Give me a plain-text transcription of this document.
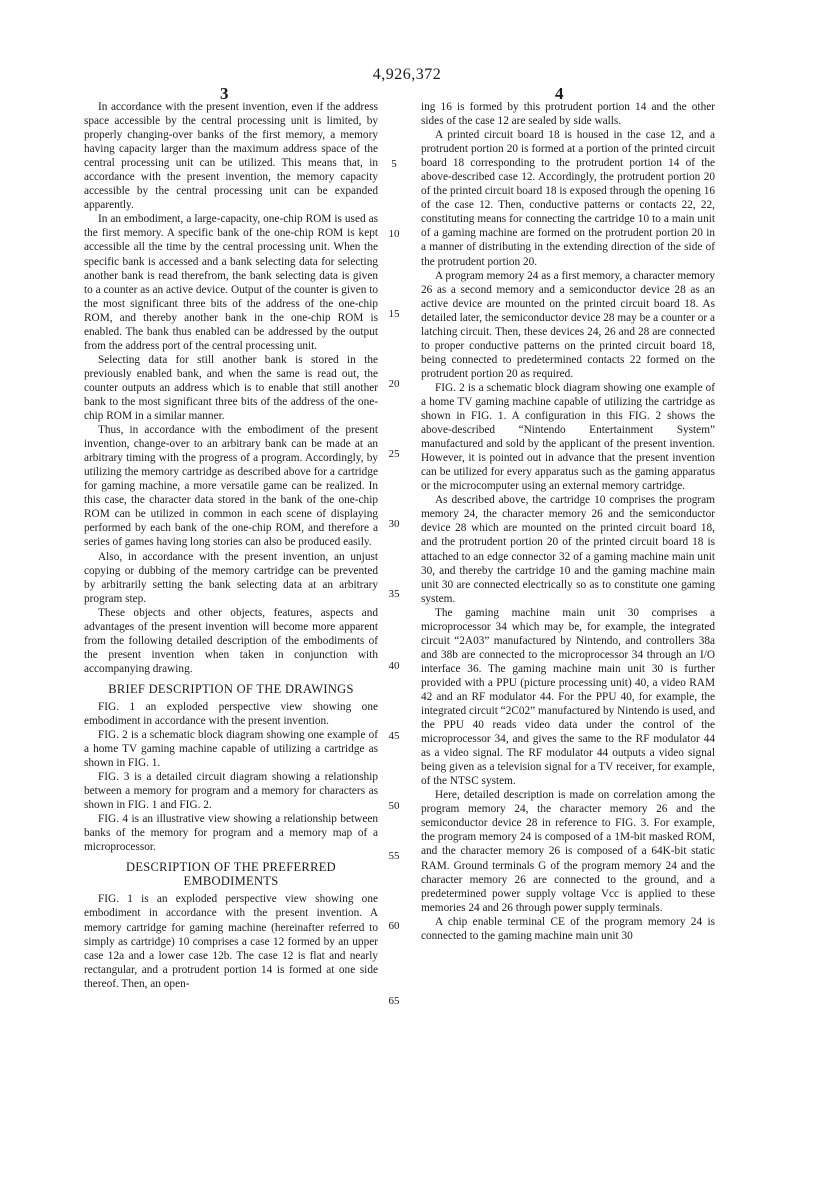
4,926,372
3	4

In accordance with the present invention, even if the address space accessible by the central processing unit is limited, by properly changing-over banks of the first memory, a memory having capacity larger than the maximum address space of the central processing unit can be utilized. This means that, in accordance with the present invention, the memory capacity accessible by the central processing unit can be expanded apparently.

In an embodiment, a large-capacity, one-chip ROM is used as the first memory. A specific bank of the one-chip ROM is kept accessible all the time by the central processing unit. When the specific bank is accessed and a bank selecting data for selecting another bank is read therefrom, the bank selecting data is given to a counter as an active device. Output of the counter is given to the most significant three bits of the address of the one-chip ROM, and thereby another bank in the one-chip ROM is enabled. The bank thus enabled can be addressed by the output from the address port of the central processing unit.

Selecting data for still another bank is stored in the previously enabled bank, and when the same is read out, the counter outputs an address which is to enable that still another bank to the most significant three bits of the address of the one-chip ROM in a similar manner.

Thus, in accordance with the embodiment of the present invention, change-over to an arbitrary bank can be made at an arbitrary timing with the progress of a program. Accordingly, by utilizing the memory cartridge as described above for a cartridge for gaming machine, a more versatile game can be realized. In this case, the character data stored in the bank of the one-chip ROM can be utilized in common in each scene of displaying performed by each bank of the one-chip ROM, and therefore a series of games having long stories can also be produced easily.

Also, in accordance with the present invention, an unjust copying or dubbing of the memory cartridge can be prevented by arbitrarily setting the bank selecting data at an arbitrary program step.

These objects and other objects, features, aspects and advantages of the present invention will become more apparent from the following detailed description of the embodiments of the present invention when taken in conjunction with accompanying drawing.

BRIEF DESCRIPTION OF THE DRAWINGS

FIG. 1 an exploded perspective view showing one embodiment in accordance with the present invention.

FIG. 2 is a schematic block diagram showing one example of a home TV gaming machine capable of utilizing a cartridge as shown in FIG. 1.

FIG. 3 is a detailed circuit diagram showing a relationship between a memory for program and a memory for characters as shown in FIG. 1 and FIG. 2.

FIG. 4 is an illustrative view showing a relationship between banks of the memory for program and a memory map of a microprocessor.

DESCRIPTION OF THE PREFERRED EMBODIMENTS

FIG. 1 is an exploded perspective view showing one embodiment in accordance with the present invention. A memory cartridge for gaming machine (hereinafter referred to simply as cartridge) 10 comprises a case 12 formed by an upper case 12a and a lower case 12b. The case 12 is flat and nearly rectangular, and a protrudent portion 14 is formed at one side thereof. Then, an open-

ing 16 is formed by this protrudent portion 14 and the other sides of the case 12 are sealed by side walls.

A printed circuit board 18 is housed in the case 12, and a protrudent portion 20 is formed at a portion of the printed circuit board 18 corresponding to the protrudent portion 14 of the above-described case 12. Accordingly, the protrudent portion 20 of the printed circuit board 18 is exposed through the opening 16 of the case 12. Then, conductive patterns or contacts 22, 22, constituting means for connecting the cartridge 10 to a main unit of a gaming machine are formed on the protrudent portion 20 in a manner of distributing in the extending direction of the side of the protrudent portion 20.

A program memory 24 as a first memory, a character memory 26 as a second memory and a semiconductor device 28 as an active device are mounted on the printed circuit board 18. As detailed later, the semiconductor device 28 may be a counter or a latching circuit. Then, these devices 24, 26 and 28 are connected to proper conductive patterns on the printed circuit board 18, being connected to predetermined contacts 22 formed on the protrudent portion 20 as required.

FIG. 2 is a schematic block diagram showing one example of a home TV gaming machine capable of utilizing the cartridge as shown in FIG. 1. A configuration in this FIG. 2 shows the above-described “Nintendo Entertainment System” manufactured and sold by the applicant of the present invention. However, it is pointed out in advance that the present invention can be utilized for every apparatus such as the gaming apparatus or the microcomputer using an external memory cartridge.

As described above, the cartridge 10 comprises the program memory 24, the character memory 26 and the semiconductor device 28 which are mounted on the printed circuit board 18, and the protrudent portion 20 of the printed circuit board 18 is attached to an edge connector 32 of a gaming machine main unit 30, and thereby the cartridge 10 and the gaming machine main unit 30 are connected electrically so as to constitute one gaming system.

The gaming machine main unit 30 comprises a microprocessor 34 which may be, for example, the integrated circuit “2A03” manufactured by Nintendo, and controllers 38a and 38b are connected to the microprocessor 34 through an I/O interface 36. The gaming machine main unit 30 is further provided with a PPU (picture processing unit) 40, a video RAM 42 and an RF modulator 44. For the PPU 40, for example, the integrated circuit “2C02” manufactured by Nintendo is used, and the PPU 40 reads video data under the control of the microprocessor 34, and gives the same to the RF modulator 44 as a video signal. The RF modulator 44 outputs a video signal being given as a television signal for a TV receiver, for example, of the NTSC system.

Here, detailed description is made on correlation among the program memory 24, the character memory 26 and the semiconductor device 28 in reference to FIG. 3. For example, the program memory 24 is composed of a 1M-bit masked ROM, and the character memory 26 is composed of a 64K-bit static RAM. Ground terminals G of the program memory 24 and the character memory 26 are connected to the ground, and a predetermined power supply voltage Vcc is applied to these memories 24 and 26 through power supply terminals.

A chip enable terminal CE of the program memory 24 is connected to the gaming machine main unit 30

5
10
15
20
25
30
35
40
45
50
55
60
65
